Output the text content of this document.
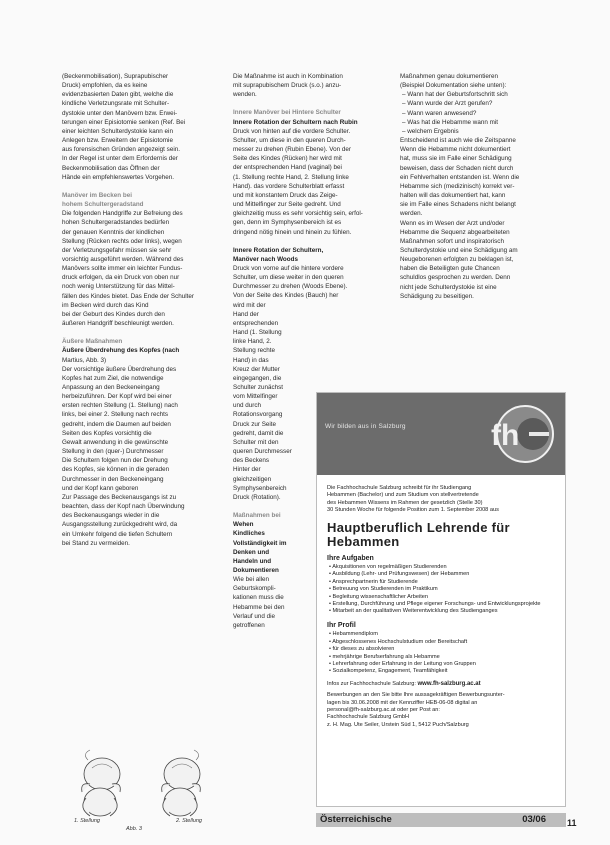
(Beckenmobilisation), Suprapubischer
Druck) empfohlen, da es keine
evidenzbasierten Daten gibt, welche die
kindliche Verletzungsrate mit Schulter-
dystokie unter den Manövern bzw. Erwei-
terungen einer Episiotomie senken (Ref. Bei
einer leichten Schulterdystokie kann ein
Anlegen bzw. Erweitern der Episiotomie
aus forensischen Gründen angezeigt sein.
In der Regel ist unter dem Erfordernis der
Beckenmobilisation das Öffnen der
Hände ein empfehlenswertes Vorgehen.
Manöver im Becken bei
hohem Schultergeradstand
Die folgenden Handgriffe zur Befreiung des
hohen Schultergeradstandes bedürfen
der genauen Kenntnis der kindlichen
Stellung (Rücken rechts oder links), wegen
der Verletzungsgefahr müssen sie sehr
vorsichtig ausgeführt werden. Während des
Manövers sollte immer ein leichter Fundus-
druck erfolgen, da ein Druck von oben nur
noch wenig Unterstützung für das Mittel-
fällen des Kindes bietet. Das Ende der Schulter
im Becken wird durch das Kind
bei der Geburt des Kindes durch den
äußeren Handgriff beschleunigt werden.
Äußere Maßnahmen
Äußere Überdrehung des Kopfes (nach
Martius, Abb. 3)
Der vorsichtige äußere Überdrehung des
Kopfes hat zum Ziel, die notwendige
Anpassung an den Beckeneingang
herbeizuführen. Der Kopf wird bei einer
ersten rechten Stellung (1. Stellung) nach
links, bei einer 2. Stellung nach rechts
gedreht, indem die Daumen auf beiden
Seiten des Kopfes vorsichtig die
Gewalt anwendung in die gewünschte
Stellung in den (quer-) Durchmesser
Die Schultern folgen nun der Drehung
des Kopfes, sie können in die geraden
Durchmesser in den Beckeneingang
und der Kopf kann geboren
Zur Passage des Beckenausgangs ist zu
beachten, dass der Kopf nach Überwindung
des Beckenausgangs wieder in die
Ausgangsstellung zurückgedreht wird, da
ein Umkehr folgend die tiefen Schultern
bei Stand zu vermeiden.
1. Stellung
Abb. 3
2. Stellung
Die Maßnahme ist auch in Kombination
mit suprapubischem Druck (s.o.) anzu-
wenden.
Innere Manöver bei Hintere Schulter
Innere Rotation der Schultern nach Rubin
Druck von hinten auf die vordere Schulter.
Schulter, um diese in den queren Durch-
messer zu drehen (Rubin Ebene). Von der
Seite des Kindes (Rücken) her wird mit
der entsprechenden Hand (vaginal) bei
(1. Stellung rechte Hand, 2. Stellung linke
Hand). das vordere Schulterblatt erfasst
und mit konstantem Druck das Zeige-
und Mittelfinger zur Seite gedreht. Und
gleichzeitig muss es sehr vorsichtig sein, erfol-
gen, denn im Symphysenbereich ist es
dringend nötig hinein und hinein zu fühlen.
Innere Rotation der Schultern,
Manöver nach Woods
Druck von vorne auf die hintere vordere
Schulter, um diese weiter in den queren
Durchmesser zu drehen (Woods Ebene).
Von der Seite des Kindes (Bauch) her
wird mit der
Hand der
entsprechenden
Hand (1. Stellung
linke Hand, 2.
Stellung rechte
Hand) in das
Kreuz der Mutter
eingegangen, die
Schulter zunächst
vom Mittelfinger
und durch
Rotationsvorgang
Druck zur Seite
gedreht, damit die
Schulter mit den
queren Durchmesser
des Beckens
Hinter der
gleichzeitigen
Symphysenbereich
Druck (Rotation).
Maßnahmen bei
Wehen
Kindliches
Vollständigkeit im
Denken und
Handeln und
Dokumentieren
Wie bei allen
Geburtskompli-
kationen muss die
Hebamme bei den
Verlauf und die
getroffenen
Maßnahmen genau dokumentieren
(Beispiel Dokumentation siehe unten):
– Wann hat der Geburtsfortschritt sich
– Wann wurde der Arzt gerufen?
– Wann waren anwesend?
– Was hat die Hebamme wann mit
– welchem Ergebnis
Entscheidend ist auch wie die Zeitspanne
Wenn die Hebamme nicht dokumentiert
hat, muss sie im Falle einer Schädigung
beweisen, dass der Schaden nicht durch
ein Fehlverhalten entstanden ist. Wenn die
Hebamme sich (medizinisch) korrekt ver-
halten will das dokumentiert hat, kann
sie im Falle eines Schadens nicht belangt
werden.
Wenn es im Wesen der Arzt und/oder
Hebamme die Sequenz abgearbeiteten
Maßnahmen sofort und inspiratorisch
Schulterdystokie und eine Schädigung am
Neugeborenen erfolgten zu beklagen ist,
haben die Beteiligten gute Chancen
schuldlos gesprochen zu werden. Denn
nicht jede Schulterdystokie ist eine
Schädigung zu beseitigen.
Wir bilden aus in Salzburg	fh
Die Fachhochschule Salzburg schreibt für ihr Studiengang
Hebammen (Bachelor) und zum Studium von stellvertretende
des Hebammen Wissens im Rahmen der gesetzlich (Stelle 30)
30 Stunden Woche für folgende Position zum 1. September 2008 aus
Hauptberuflich Lehrende für Hebammen
Ihre Aufgaben
• Akquisitionen von regelmäßigen Studierenden
• Ausbildung (Lehr- und Prüfungswesen) der Hebammen
• Ansprechpartnerin für Studierende
• Betreuung von Studierenden im Praktikum
• Begleitung wissenschaftlicher Arbeiten
• Erstellung, Durchführung und Pflege eigener Forschungs- und Entwicklungsprojekte
• Mitarbeit an der qualitativen Weiterentwicklung des Studienganges
Ihr Profil
• Hebammendiplom
• Abgeschlossenes Hochschulstudium oder Bereitschaft
• für dieses zu absolvieren
• mehrjährige Berufserfahrung als Hebamme
• Lehrerfahrung oder Erfahrung in der Leitung von Gruppen
• Sozialkompetenz, Engagement, Teamfähigkeit
Infos zur Fachhochschule Salzburg: www.fh-salzburg.ac.at
Bewerbungen an den Sie bitte Ihre aussagekräftigen Bewerbungsunter-
lagen bis 30.06.2008 mit der Kennziffer HEB-06-08 digital an
personal@fh-salzburg.ac.at oder per Post an:
Fachhochschule Salzburg GmbH
z. H. Mag. Ute Seiler, Urstein Süd 1, 5412 Puch/Salzburg
Österreichische	03/06 11
